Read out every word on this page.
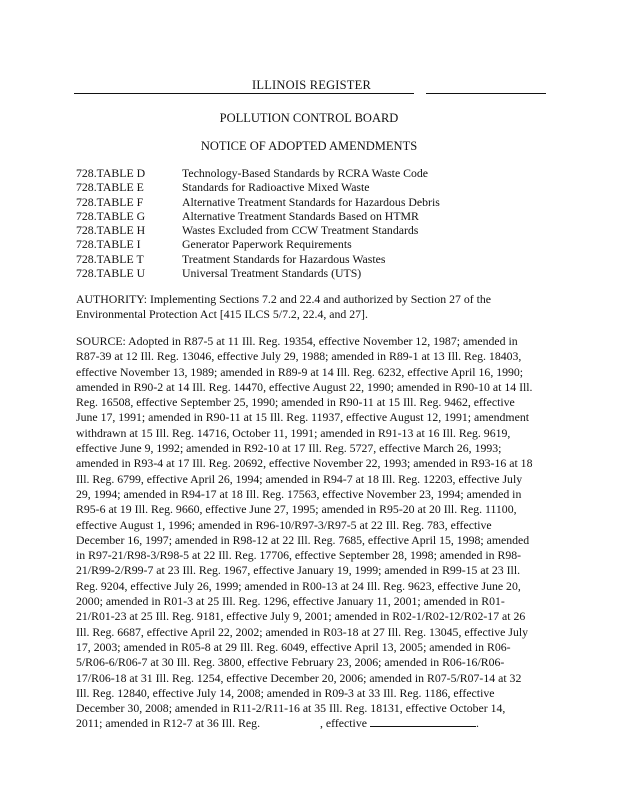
ILLINOIS REGISTER
POLLUTION CONTROL BOARD
NOTICE OF ADOPTED AMENDMENTS
728.TABLE D	Technology-Based Standards by RCRA Waste Code
728.TABLE E	Standards for Radioactive Mixed Waste
728.TABLE F	Alternative Treatment Standards for Hazardous Debris
728.TABLE G	Alternative Treatment Standards Based on HTMR
728.TABLE H	Wastes Excluded from CCW Treatment Standards
728.TABLE I	Generator Paperwork Requirements
728.TABLE T	Treatment Standards for Hazardous Wastes
728.TABLE U	Universal Treatment Standards (UTS)
AUTHORITY: Implementing Sections 7.2 and 22.4 and authorized by Section 27 of the
Environmental Protection Act [415 ILCS 5/7.2, 22.4, and 27].
SOURCE: Adopted in R87-5 at 11 Ill. Reg. 19354, effective November 12, 1987; amended in
R87-39 at 12 Ill. Reg. 13046, effective July 29, 1988; amended in R89-1 at 13 Ill. Reg. 18403,
effective November 13, 1989; amended in R89-9 at 14 Ill. Reg. 6232, effective April 16, 1990;
amended in R90-2 at 14 Ill. Reg. 14470, effective August 22, 1990; amended in R90-10 at 14 Ill.
Reg. 16508, effective September 25, 1990; amended in R90-11 at 15 Ill. Reg. 9462, effective
June 17, 1991; amended in R90-11 at 15 Ill. Reg. 11937, effective August 12, 1991; amendment
withdrawn at 15 Ill. Reg. 14716, October 11, 1991; amended in R91-13 at 16 Ill. Reg. 9619,
effective June 9, 1992; amended in R92-10 at 17 Ill. Reg. 5727, effective March 26, 1993;
amended in R93-4 at 17 Ill. Reg. 20692, effective November 22, 1993; amended in R93-16 at 18
Ill. Reg. 6799, effective April 26, 1994; amended in R94-7 at 18 Ill. Reg. 12203, effective July
29, 1994; amended in R94-17 at 18 Ill. Reg. 17563, effective November 23, 1994; amended in
R95-6 at 19 Ill. Reg. 9660, effective June 27, 1995; amended in R95-20 at 20 Ill. Reg. 11100,
effective August 1, 1996; amended in R96-10/R97-3/R97-5 at 22 Ill. Reg. 783, effective
December 16, 1997; amended in R98-12 at 22 Ill. Reg. 7685, effective April 15, 1998; amended
in R97-21/R98-3/R98-5 at 22 Ill. Reg. 17706, effective September 28, 1998; amended in R98-
21/R99-2/R99-7 at 23 Ill. Reg. 1967, effective January 19, 1999; amended in R99-15 at 23 Ill.
Reg. 9204, effective July 26, 1999; amended in R00-13 at 24 Ill. Reg. 9623, effective June 20,
2000; amended in R01-3 at 25 Ill. Reg. 1296, effective January 11, 2001; amended in R01-
21/R01-23 at 25 Ill. Reg. 9181, effective July 9, 2001; amended in R02-1/R02-12/R02-17 at 26
Ill. Reg. 6687, effective April 22, 2002; amended in R03-18 at 27 Ill. Reg. 13045, effective July
17, 2003; amended in R05-8 at 29 Ill. Reg. 6049, effective April 13, 2005; amended in R06-
5/R06-6/R06-7 at 30 Ill. Reg. 3800, effective February 23, 2006; amended in R06-16/R06-
17/R06-18 at 31 Ill. Reg. 1254, effective December 20, 2006; amended in R07-5/R07-14 at 32
Ill. Reg. 12840, effective July 14, 2008; amended in R09-3 at 33 Ill. Reg. 1186, effective
December 30, 2008; amended in R11-2/R11-16 at 35 Ill. Reg. 18131, effective October 14,
2011; amended in R12-7 at 36 Ill. Reg.	, effective	.
